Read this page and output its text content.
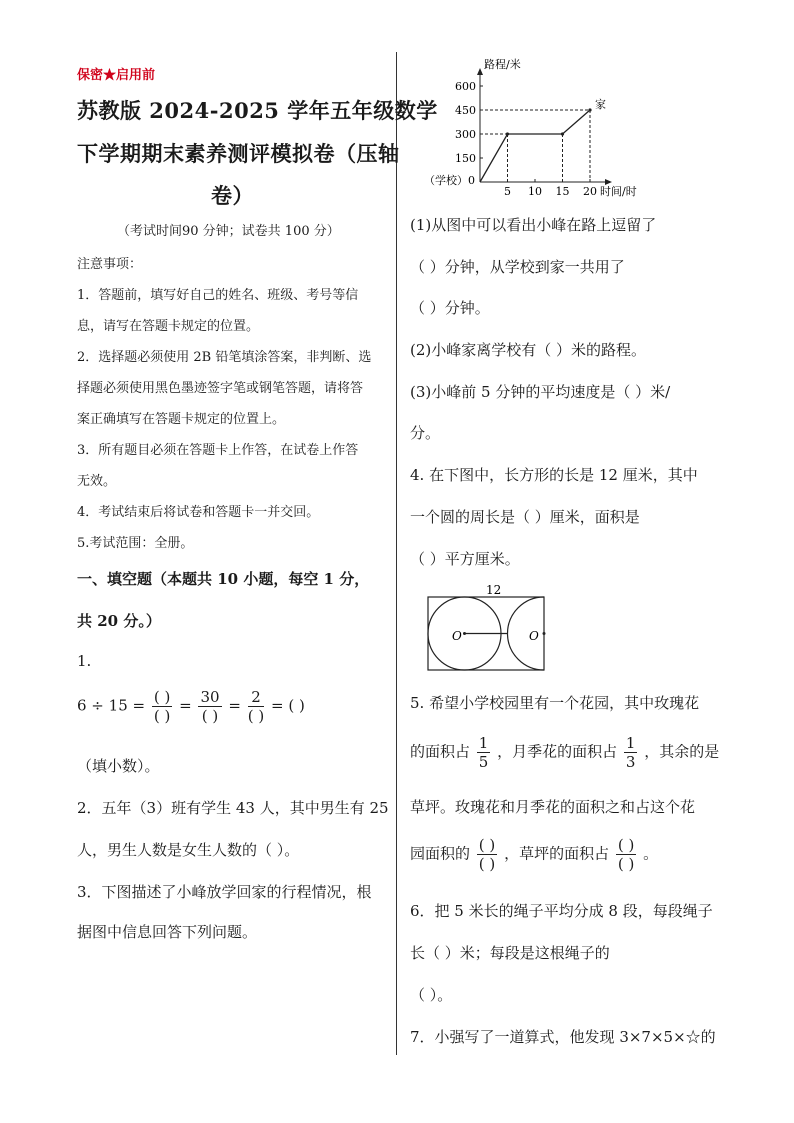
保密★启用前
苏教版 2024-2025 学年五年级数学
下学期期末素养测评模拟卷（压轴
卷）
（考试时间90 分钟；试卷共 100 分）
注意事项：
1．答题前，填写好自己的姓名、班级、考号等信
息，请写在答题卡规定的位置。
2．选择题必须使用 2B 铅笔填涂答案，非判断、选
择题必须使用黑色墨迹签字笔或钢笔答题，请将答
案正确填写在答题卡规定的位置上。
3．所有题目必须在答题卡上作答，在试卷上作答
无效。
4．考试结束后将试卷和答题卡一并交回。
5.考试范围：全册。
一、填空题（本题共 10 小题，每空 1 分，
共 20 分。）
1.
$6 \div 15 = \frac{( )}{( )} = \frac{30}{( )} = \frac{2}{( )}$ = ( )
（填小数）。
2．五年（3）班有学生 43 人，其中男生有 25
人，男生人数是女生人数的（ ）。
3．下图描述了小峰放学回家的行程情况，根
据图中信息回答下列问题。
路程/米
时间/时
（学校）0
5 10 15 20
150
300
450
600
家
(1)从图中可以看出小峰在路上逗留了
（ ）分钟，从学校到家一共用了
（ ）分钟。
(2)小峰家离学校有（ ）米的路程。
(3)小峰前 5 分钟的平均速度是（ ）米/
分。
4. 在下图中，长方形的长是 12 厘米，其中
一个圆的周长是（ ）厘米，面积是
（ ）平方厘米。
12
O	O
5. 希望小学校园里有一个花园，其中玫瑰花
的面积占 $\frac{1}{5}$ ，月季花的面积占 $\frac{1}{3}$ ，其余的是
草坪。玫瑰花和月季花的面积之和占这个花
园面积的 $\frac{( )}{( )}$ ，草坪的面积占 $\frac{( )}{( )}$ 。
6．把 5 米长的绳子平均分成 8 段，每段绳子
长（ ）米；每段是这根绳子的
（ ）。
7．小强写了一道算式，他发现 3×7×5×☆的
